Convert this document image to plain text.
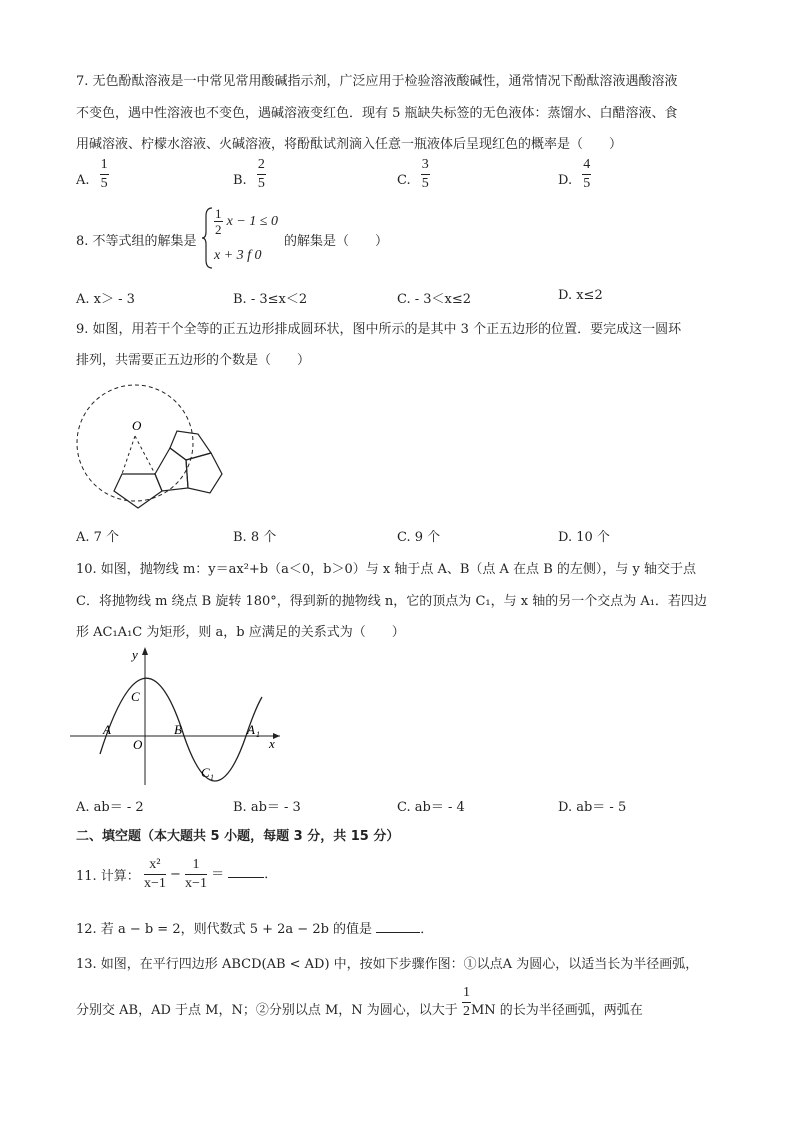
7. 无色酚酞溶液是一中常见常用酸碱指示剂，广泛应用于检验溶液酸碱性，通常情况下酚酞溶液遇酸溶液
不变色，遇中性溶液也不变色，遇碱溶液变红色．现有 5 瓶缺失标签的无色液体：蒸馏水、白醋溶液、食
用碱溶液、柠檬水溶液、火碱溶液，将酚酞试剂滴入任意一瓶液体后呈现红色的概率是（　　）
A. $\frac{1}{5}$	B. $\frac{2}{5}$	C. $\frac{3}{5}$	D. $\frac{4}{5}$
8. 不等式组的解集是
$\frac{1}{2}$ x − 1 ≤ 0
x + 3 f 0
的解集是（　　）
A. x＞ - 3	B. - 3≤x＜2	C. - 3＜x≤2	D. x≤2
9. 如图，用若干个全等的正五边形排成圆环状，图中所示的是其中 3 个正五边形的位置．要完成这一圆环
排列，共需要正五边形的个数是（　　）
O
A. 7 个	B. 8 个	C. 9 个	D. 10 个
10. 如图，抛物线 m：y＝ax²+b（a＜0，b＞0）与 x 轴于点 A、B（点 A 在点 B 的左侧），与 y 轴交于点
C．将抛物线 m 绕点 B 旋转 180°，得到新的抛物线 n，它的顶点为 C₁，与 x 轴的另一个交点为 A₁．若四边
形 AC₁A₁C 为矩形，则 a，b 应满足的关系式为（　　）
y
x
C
A
O
B	A 1
C 1
A. ab＝ - 2	B. ab＝ - 3	C. ab＝ - 4	D. ab＝ - 5
二、填空题（本大题共 5 小题，每题 3 分，共 15 分）
11. 计算： $\frac{\text{x²}}{x-1} - \frac{1}{x-1}$ ＝	．
12. 若 a − b = 2，则代数式 5 + 2a − 2b 的值是	．
13. 如图，在平行四边形 ABCD(AB < AD) 中，按如下步骤作图：①以点A 为圆心，以适当长为半径画弧，
分别交 AB，AD 于点 M，N；②分别以点 M，N 为圆心，以大于 $\frac{1}{2}$ MN 的长为半径画弧，两弧在
